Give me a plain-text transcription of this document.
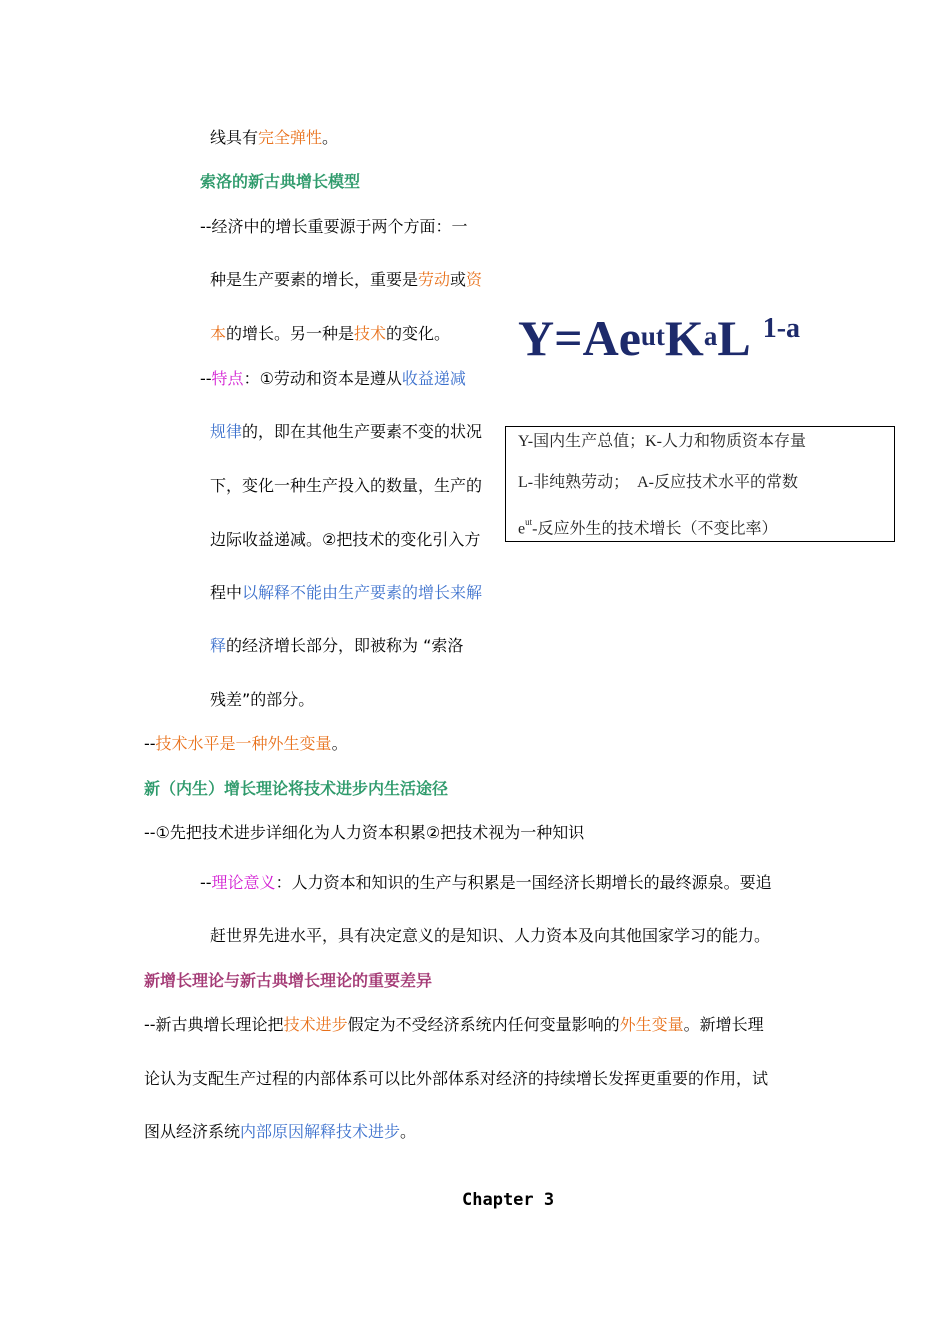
线具有完全弹性。
索洛的新古典增长模型
--经济中的增长重要源于两个方面：一
种是生产要素的增长，重要是劳动或资
本的增长。另一种是技术的变化。
--特点：①劳动和资本是遵从收益递减
规律的，即在其他生产要素不变的状况
下，变化一种生产投入的数量，生产的
边际收益递减。②把技术的变化引入方
程中以解释不能由生产要素的增长来解
释的经济增长部分，即被称为 “索洛
残差”的部分。
--技术水平是一种外生变量。
新（内生）增长理论将技术进步内生活途径
--①先把技术进步详细化为人力资本积累②把技术视为一种知识
--理论意义：人力资本和知识的生产与积累是一国经济长期增长的最终源泉。要追
赶世界先进水平，具有决定意义的是知识、人力资本及向其他国家学习的能力。
新增长理论与新古典增长理论的重要差异
--新古典增长理论把技术进步假定为不受经济系统内任何变量影响的外生变量。新增长理
论认为支配生产过程的内部体系可以比外部体系对经济的持续增长发挥更重要的作用，试
图从经济系统内部原因解释技术进步。
$Y=Ae^{ut}K^aL$ $^{1-a}$
Y-国内生产总值；K-人力和物质资本存量
L-非纯熟劳动；　A-反应技术水平的常数
$e^{ut}-$反应外生的技术增长（不变比率）
Chapter 3
